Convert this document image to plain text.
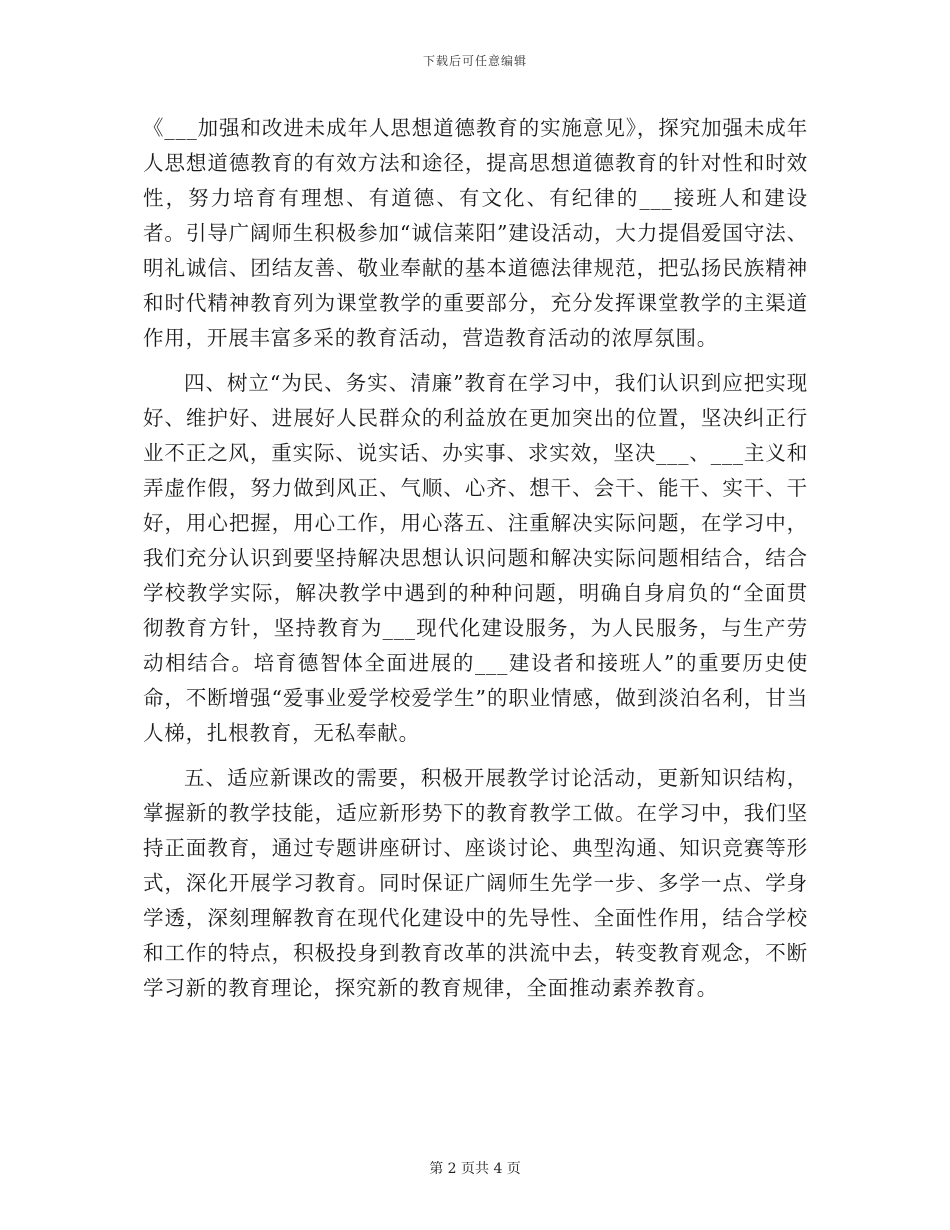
下载后可任意编辑

《___加强和改进未成年人思想道德教育的实施意见》，探究加强未成年人思想道德教育的有效方法和途径，提高思想道德教育的针对性和时效性，努力培育有理想、有道德、有文化、有纪律的___接班人和建设者。引导广阔师生积极参加“诚信莱阳”建设活动，大力提倡爱国守法、明礼诚信、团结友善、敬业奉献的基本道德法律规范，把弘扬民族精神和时代精神教育列为课堂教学的重要部分，充分发挥课堂教学的主渠道作用，开展丰富多采的教育活动，营造教育活动的浓厚氛围。

四、树立“为民、务实、清廉”教育在学习中，我们认识到应把实现好、维护好、进展好人民群众的利益放在更加突出的位置，坚决纠正行业不正之风，重实际、说实话、办实事、求实效，坚决___、___主义和弄虚作假，努力做到风正、气顺、心齐、想干、会干、能干、实干、干好，用心把握，用心工作，用心落五、注重解决实际问题，在学习中，我们充分认识到要坚持解决思想认识问题和解决实际问题相结合，结合学校教学实际，解决教学中遇到的种种问题，明确自身肩负的“全面贯彻教育方针，坚持教育为___现代化建设服务，为人民服务，与生产劳动相结合。培育德智体全面进展的___建设者和接班人”的重要历史使命，不断增强“爱事业爱学校爱学生”的职业情感，做到淡泊名利，甘当人梯，扎根教育，无私奉献。

五、适应新课改的需要，积极开展教学讨论活动，更新知识结构，掌握新的教学技能，适应新形势下的教育教学工做。在学习中，我们坚持正面教育，通过专题讲座研讨、座谈讨论、典型沟通、知识竞赛等形式，深化开展学习教育。同时保证广阔师生先学一步、多学一点、学身学透，深刻理解教育在现代化建设中的先导性、全面性作用，结合学校和工作的特点，积极投身到教育改革的洪流中去，转变教育观念，不断学习新的教育理论，探究新的教育规律，全面推动素养教育。

第 2 页共 4 页
